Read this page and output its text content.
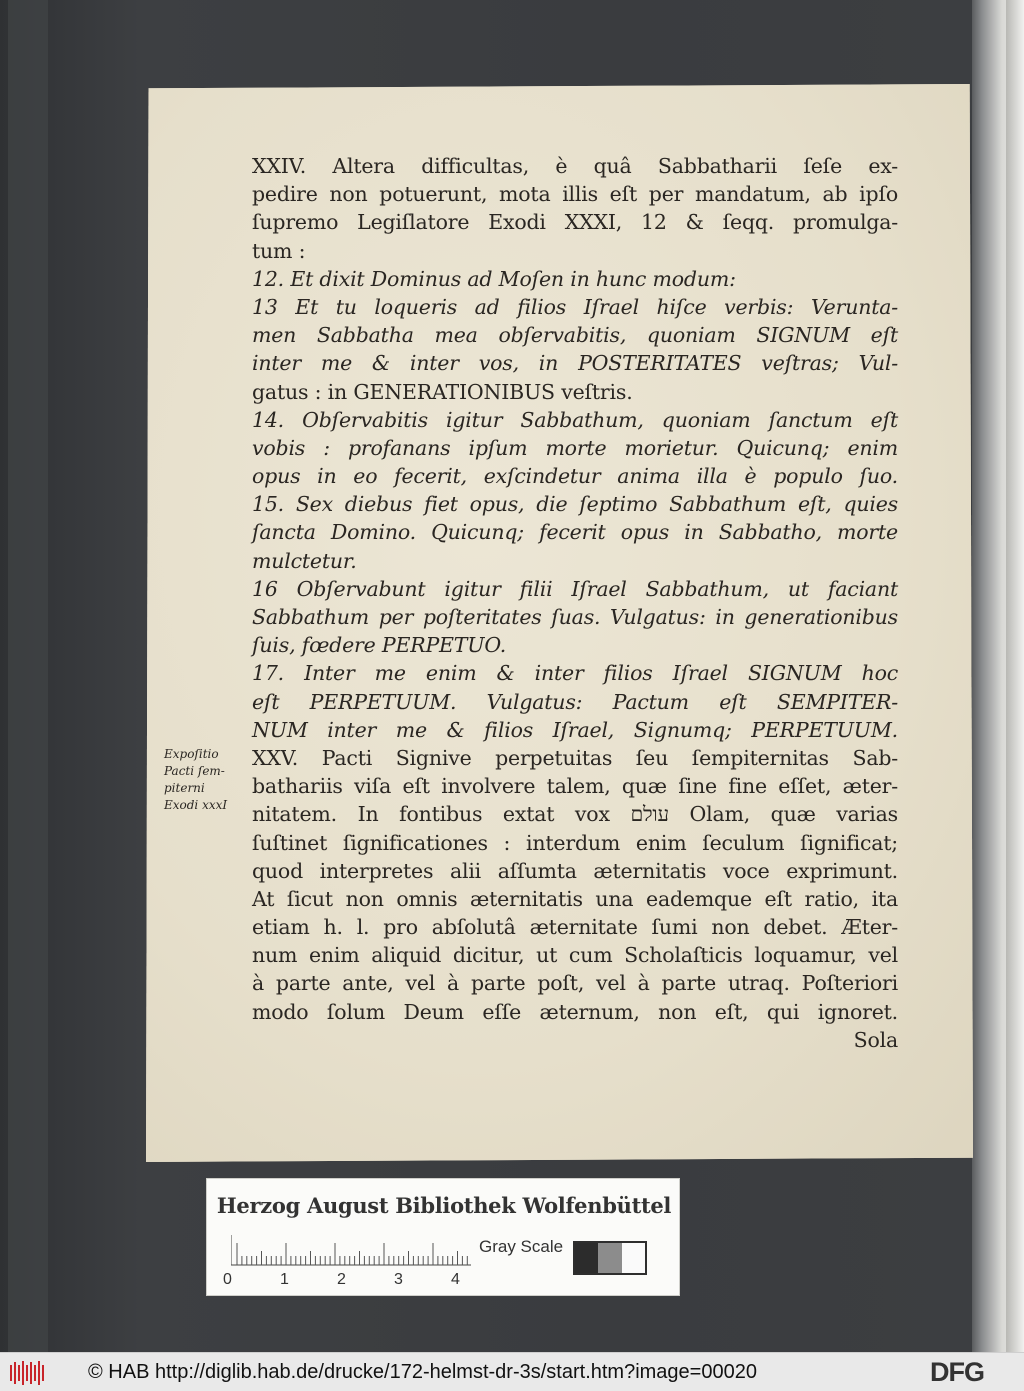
XXIV. Altera difficultas, è quâ Sabbatharii ſeſe ex-
pedire non potuerunt, mota illis eſt per mandatum, ab ipſo
ſupremo Legiſlatore Exodi XXXI, 12 & ſeqq. promulga-
tum :
12. Et dixit Dominus ad Moſen in hunc modum:
13 Et tu loqueris ad filios Iſrael hiſce verbis: Verunta-
men Sabbatha mea obſervabitis, quoniam SIGNUM eſt
inter me & inter vos, in POSTERITATES veſtras; Vul-
gatus : in GENERATIONIBUS veſtris.
14. Obſervabitis igitur Sabbathum, quoniam ſanctum eſt
vobis : profanans ipſum morte morietur. Quicunq; enim
opus in eo fecerit, exſcindetur anima illa è populo ſuo.
15. Sex diebus fiet opus, die ſeptimo Sabbathum eſt, quies
ſancta Domino. Quicunq; fecerit opus in Sabbatho, morte
mulctetur.
16 Obſervabunt igitur filii Iſrael Sabbathum, ut faciant
Sabbathum per poſteritates ſuas. Vulgatus: in generationibus
ſuis, fœdere PERPETUO.
17. Inter me enim & inter filios Iſrael SIGNUM hoc
eſt PERPETUUM. Vulgatus: Pactum eſt SEMPITER-
NUM inter me & filios Iſrael, Signumq; PERPETUUM.
XXV. Pacti Signive perpetuitas ſeu ſempiternitas Sab-
bathariis viſa eſt involvere talem, quæ ſine fine eſſet, æter-
nitatem. In fontibus extat vox עולם Olam, quæ varias
ſuſtinet ſignificationes : interdum enim ſeculum ſignificat;
quod interpretes alii aſſumta æternitatis voce exprimunt.
At ſicut non omnis æternitatis una eademque eſt ratio, ita
etiam h. l. pro abſolutâ æternitate ſumi non debet. Æter-
num enim aliquid dicitur, ut cum Scholaſticis loquamur, vel
à parte ante, vel à parte poſt, vel à parte utraq. Poſteriori
modo ſolum Deum eſſe æternum, non eſt, qui ignoret.
Sola
Expoſitio
Pacti ſem-
piterni
Exodi xxxI
Herzog August Bibliothek Wolfenbüttel
0	1	2	3	4
Gray Scale
© HAB http://diglib.hab.de/drucke/172-helmst-dr-3s/start.htm?image=00020	DFG
